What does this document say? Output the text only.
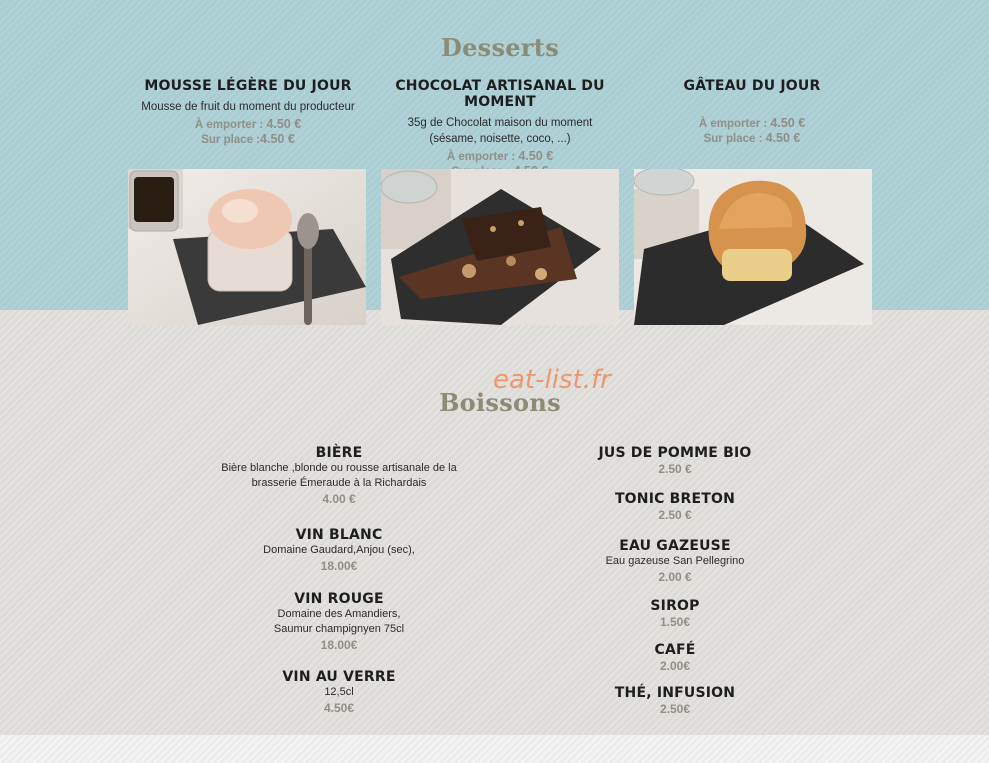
Desserts

MOUSSE LÉGÈRE DU JOUR

Mousse de fruit du moment du producteur

À emporter : 4.50 €

Sur place :4.50 €

CHOCOLAT ARTISANAL DU MOMENT

35g de Chocolat maison du moment

(sésame, noisette, coco, ...)

À emporter : 4.50 €

GÂTEAU DU JOUR

À emporter : 4.50 €

Sur place : 4.50 €

eat-list.fr
Boissons

BIÈRE

Bière blanche ,blonde ou rousse artisanale de la

brasserie Émeraude à la Richardais

4.00 €

VIN BLANC

Domaine Gaudard,Anjou (sec),

18.00€

VIN ROUGE

Domaine des Amandiers,

Saumur champignyen 75cl

18.00€

VIN AU VERRE

12,5cl

4.50€

JUS DE POMME BIO

2.50 €

TONIC BRETON

2.50 €

EAU GAZEUSE

Eau gazeuse San Pellegrino

2.00 €

SIROP

1.50€

CAFÉ

2.00€

THÉ, INFUSION

2.50€
